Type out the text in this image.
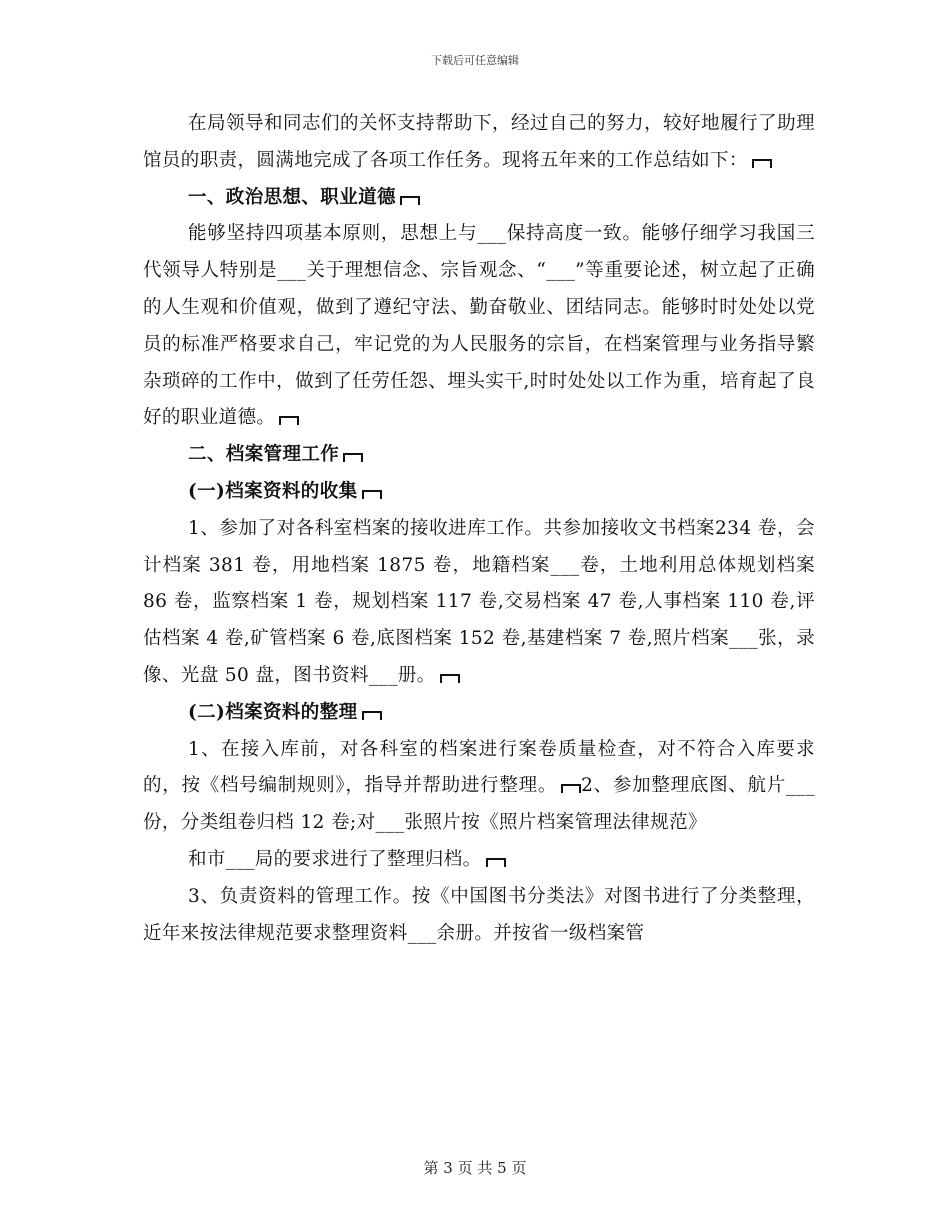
下载后可任意编辑

在局领导和同志们的关怀支持帮助下，经过自己的努力，较好地履行了助理馆员的职责，圆满地完成了各项工作任务。现将五年来的工作总结如下：

一、政治思想、职业道德

能够坚持四项基本原则，思想上与___保持高度一致。能够仔细学习我国三代领导人特别是___关于理想信念、宗旨观念、“___”等重要论述，树立起了正确的人生观和价值观，做到了遵纪守法、勤奋敬业、团结同志。能够时时处处以党员的标准严格要求自己，牢记党的为人民服务的宗旨，在档案管理与业务指导繁杂琐碎的工作中，做到了任劳任怨、埋头实干,时时处处以工作为重，培育起了良好的职业道德。

二、档案管理工作

(一)档案资料的收集

1、参加了对各科室档案的接收进库工作。共参加接收文书档案234 卷，会计档案 381 卷，用地档案 1875 卷，地籍档案___卷，土地利用总体规划档案 86 卷，监察档案 1 卷，规划档案 117 卷,交易档案 47 卷,人事档案 110 卷,评估档案 4 卷,矿管档案 6 卷,底图档案 152 卷,基建档案 7 卷,照片档案___张，录像、光盘 50 盘，图书资料___册。

(二)档案资料的整理

1、在接入库前，对各科室的档案进行案卷质量检查，对不符合入库要求的，按《档号编制规则》，指导并帮助进行整理。 2、参加整理底图、航片___份，分类组卷归档 12 卷;对___张照片按《照片档案管理法律规范》

和市___局的要求进行了整理归档。

3、负责资料的管理工作。按《中国图书分类法》对图书进行了分类整理，近年来按法律规范要求整理资料___余册。并按省一级档案管

第 3 页 共 5 页
